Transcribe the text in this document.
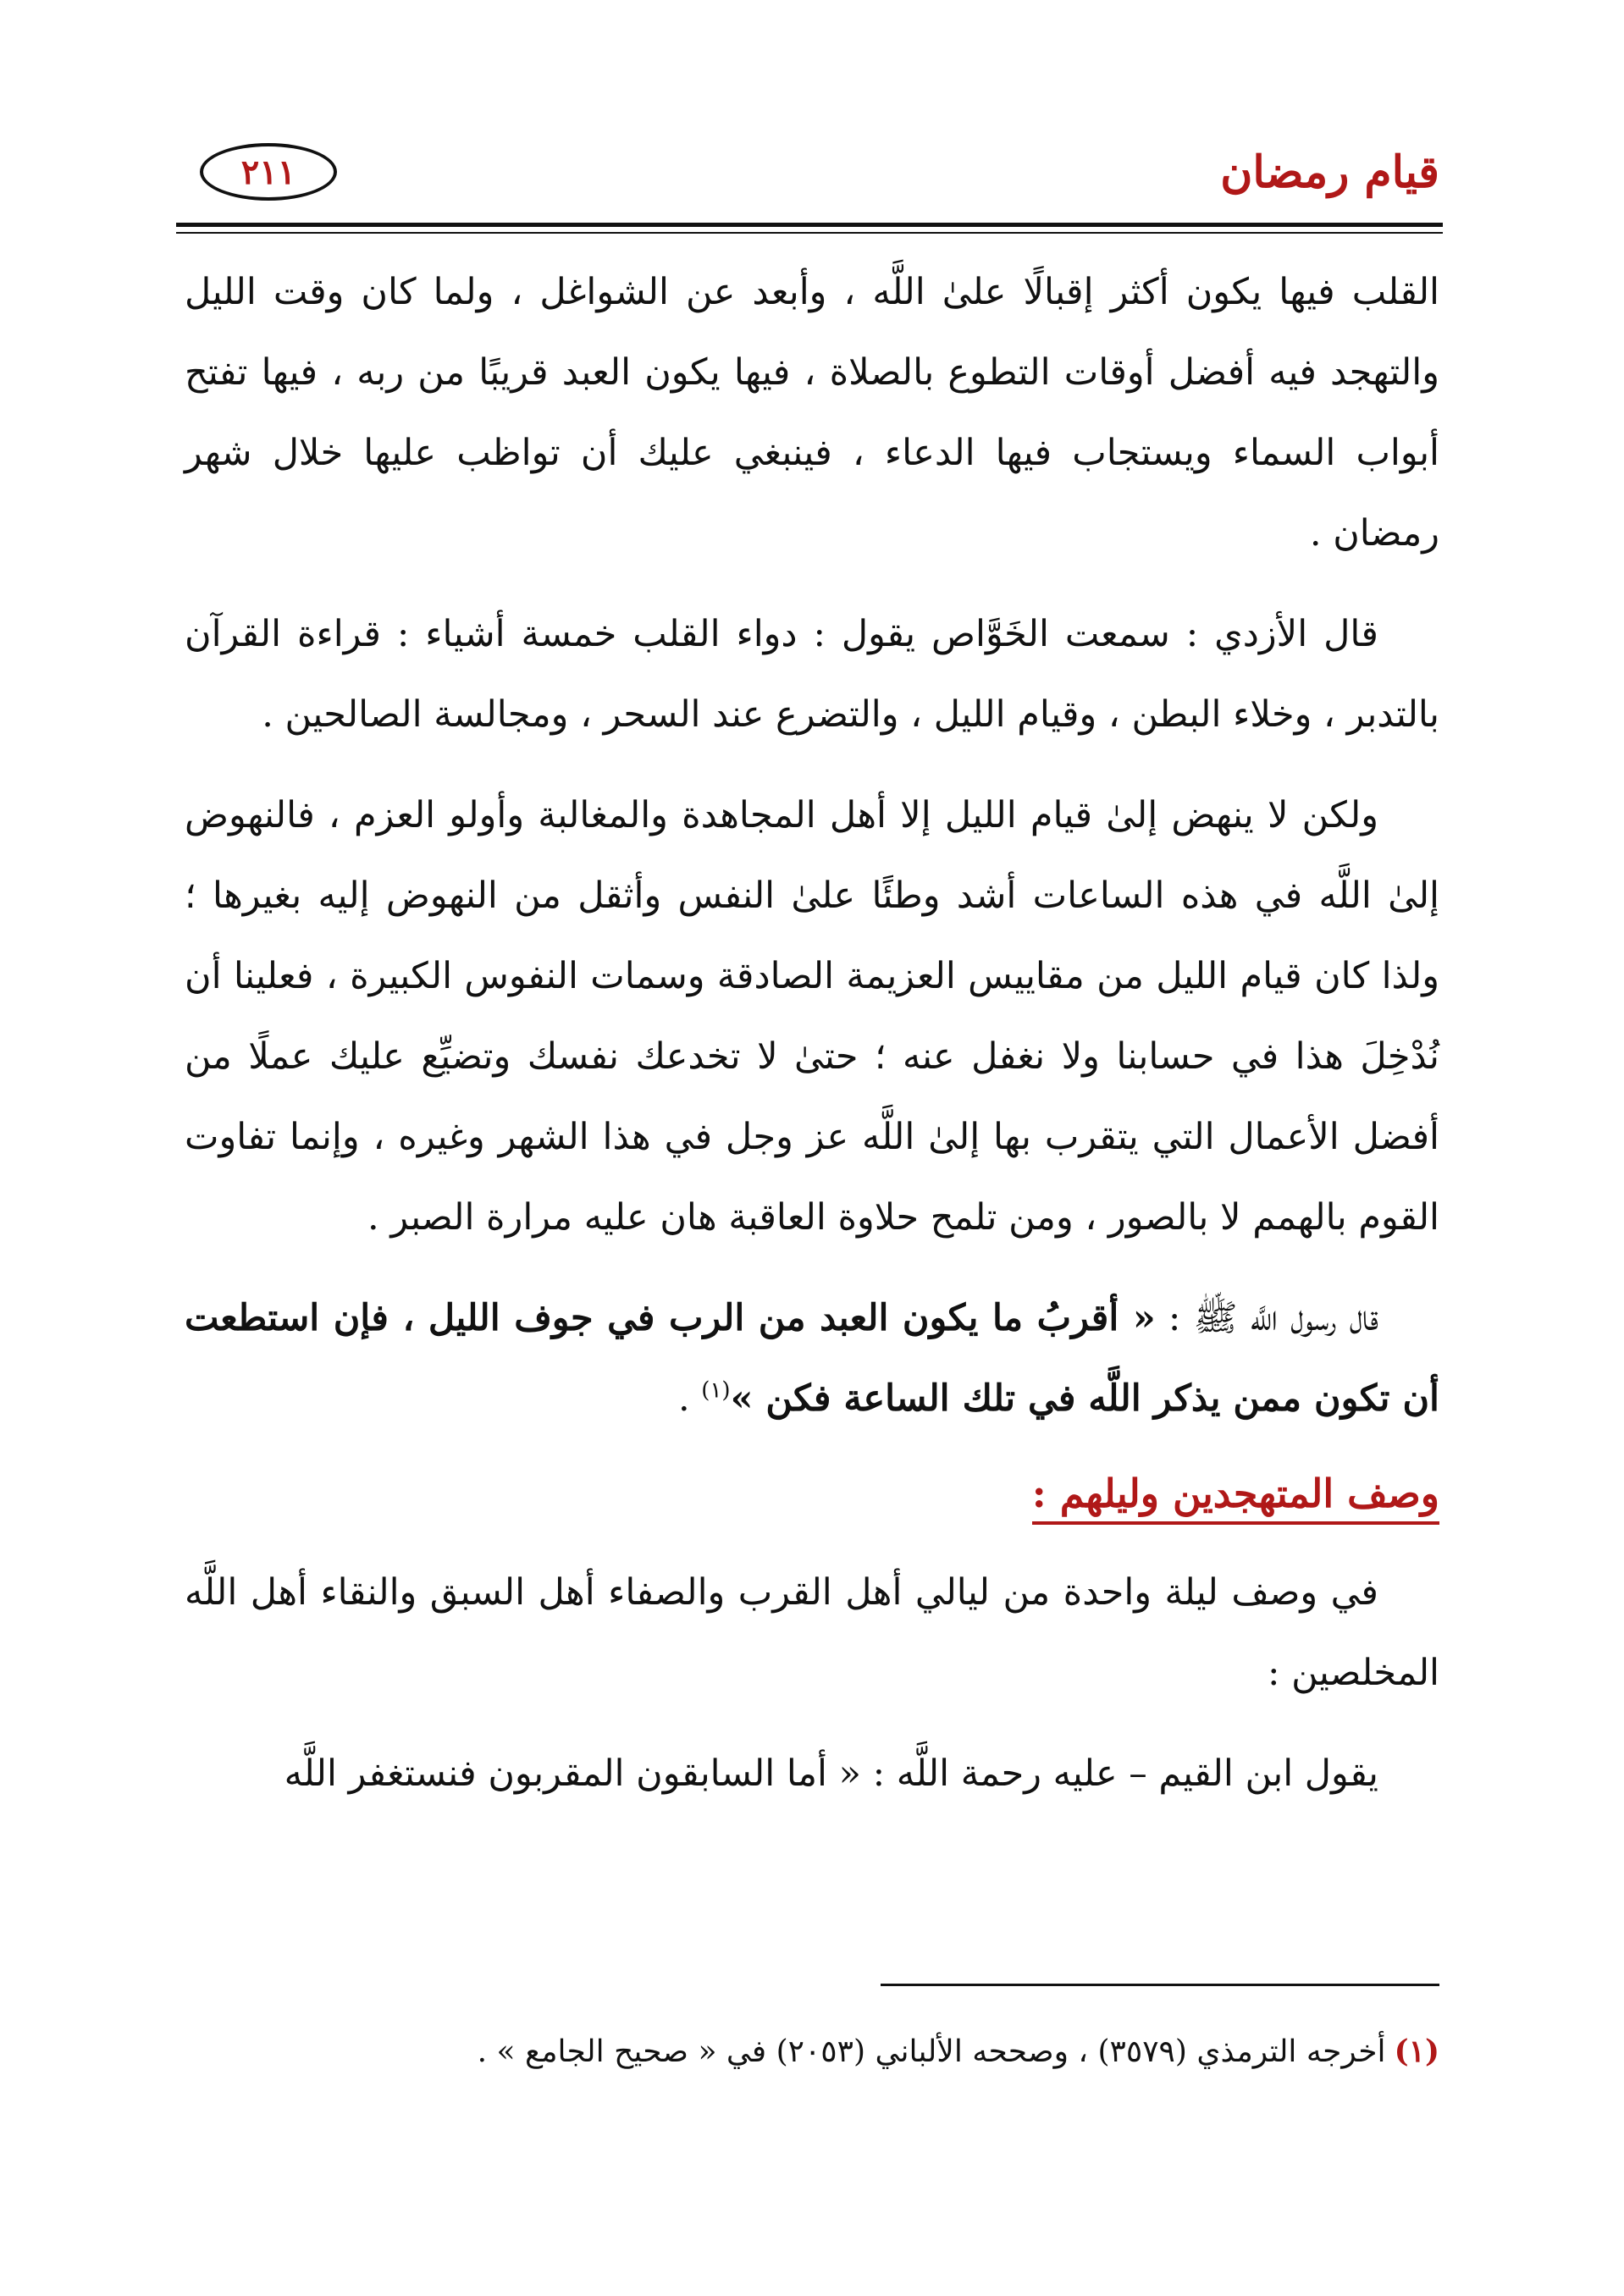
قيام رمضان
٢١١

القلب فيها يكون أكثر إقبالًا علىٰ اللَّه ، وأبعد عن الشواغل ، ولما كان وقت الليل والتهجد فيه أفضل أوقات التطوع بالصلاة ، فيها يكون العبد قريبًا من ربه ، فيها تفتح أبواب السماء ويستجاب فيها الدعاء ، فينبغي عليك أن تواظب عليها خلال شهر رمضان .

قال الأزدي : سمعت الخَوَّاص يقول : دواء القلب خمسة أشياء : قراءة القرآن بالتدبر ، وخلاء البطن ، وقيام الليل ، والتضرع عند السحر ، ومجالسة الصالحين .

ولكن لا ينهض إلىٰ قيام الليل إلا أهل المجاهدة والمغالبة وأولو العزم ، فالنهوض إلىٰ اللَّه في هذه الساعات أشد وطئًا علىٰ النفس وأثقل من النهوض إليه بغيرها ؛ ولذا كان قيام الليل من مقاييس العزيمة الصادقة وسمات النفوس الكبيرة ، فعلينا أن نُدْخِلَ هذا في حسابنا ولا نغفل عنه ؛ حتىٰ لا تخدعك نفسك وتضيِّع عليك عملًا من أفضل الأعمال التي يتقرب بها إلىٰ اللَّه عز وجل في هذا الشهر وغيره ، وإنما تفاوت القوم بالهمم لا بالصور ، ومن تلمح حلاوة العاقبة هان عليه مرارة الصبر .

قال رسول اللَّه ﷺ : « أقربُ ما يكون العبد من الرب في جوف الليل ، فإن استطعت أن تكون ممن يذكر اللَّه في تلك الساعة فكن »$^{(١)}$ .

وصف المتهجدين وليلهم :

في وصف ليلة واحدة من ليالي أهل القرب والصفاء أهل السبق والنقاء أهل اللَّه المخلصين :

يقول ابن القيم – عليه رحمة اللَّه : « أما السابقون المقربون فنستغفر اللَّه

(١)أخرجه الترمذي (٣٥٧٩) ، وصححه الألباني (٢٠٥٣) في « صحيح الجامع » .
